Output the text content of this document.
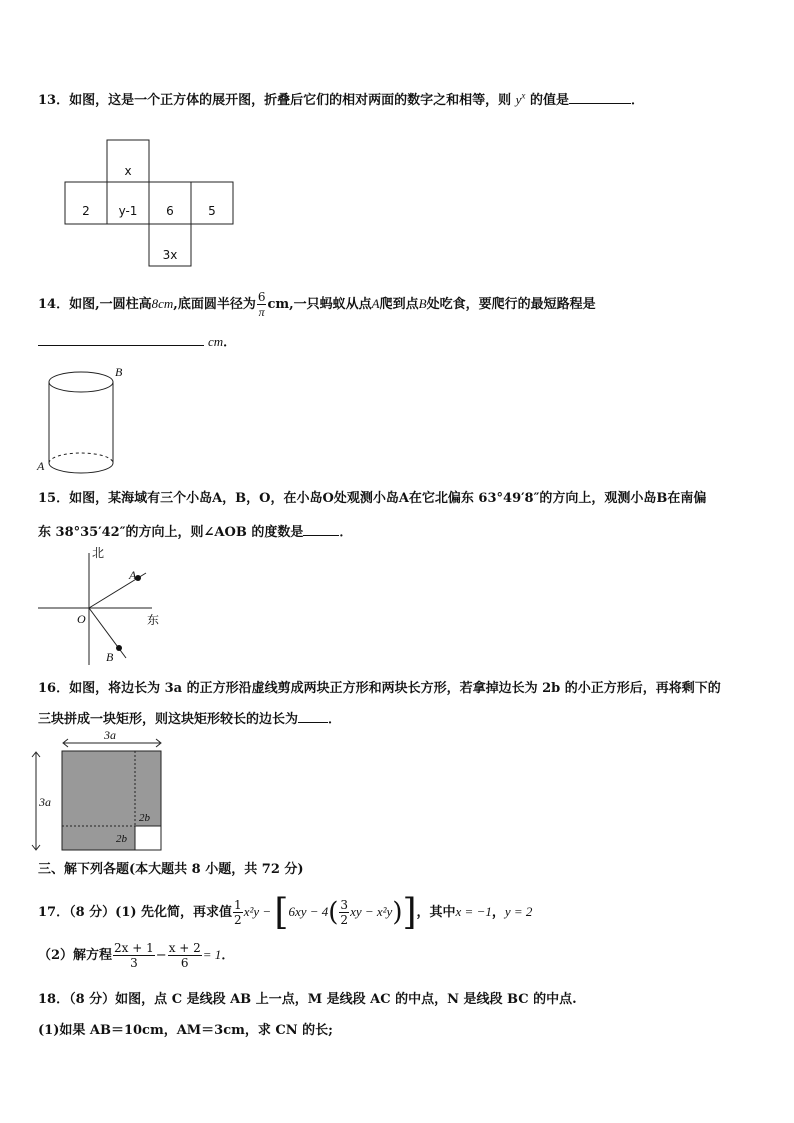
13．如图，这是一个正方体的展开图，折叠后它们的相对两面的数字之和相等，则 $y^x$ 的值是	．
x
2 y-1 6	5
3x
14．如图,一圆柱高8cm,底面圆半径为 $\frac{6}{\pi}$ cm,一只蚂蚁从点A爬到点B处吃食，要爬行的最短路程是
cm．
B
A
15．如图，某海域有三个小岛A，B，O，在小岛O处观测小岛A在它北偏东 63°49′8″的方向上，观测小岛B在南偏
东 38°35′42″的方向上，则∠AOB 的度数是	．
北
东
O
A
B
16．如图，将边长为 3a 的正方形沿虚线剪成两块正方形和两块长方形，若拿掉边长为 2b 的小正方形后，再将剩下的
三块拼成一块矩形，则这块矩形较长的边长为 ．
3a
3a
2b
2b
三、解下列各题(本大题共 8 小题，共 72 分)
17．（8 分）(1) 先化简，再求值 $\frac{1}{2} x^2y - [6xy - 4( \frac{3}{2}$ xy − x²y)]，其中x = −1，y = 2
（2）解方程 $\frac{2x + 1}{3} - \frac{x + 2}{6} = 1$．
18．（8 分）如图，点 C 是线段 AB 上一点，M 是线段 AC 的中点，N 是线段 BC 的中点.
(1)如果 AB＝10cm，AM＝3cm，求 CN 的长;
